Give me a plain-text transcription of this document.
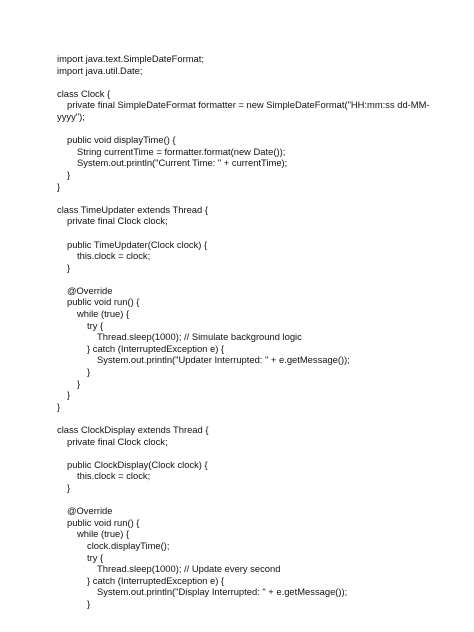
import java.text.SimpleDateFormat;
import java.util.Date;
class Clock {
private final SimpleDateFormat formatter = new SimpleDateFormat("HH:mm:ss dd-MM-
yyyy");
public void displayTime() {
String currentTime = formatter.format(new Date());
System.out.println("Current Time: " + currentTime);
}
}
class TimeUpdater extends Thread {
private final Clock clock;
public TimeUpdater(Clock clock) {
this.clock = clock;
}
@Override
public void run() {
while (true) {
try {
Thread.sleep(1000); // Simulate background logic
} catch (InterruptedException e) {
System.out.println("Updater Interrupted: " + e.getMessage());
}
}
}
}
class ClockDisplay extends Thread {
private final Clock clock;
public ClockDisplay(Clock clock) {
this.clock = clock;
}
@Override
public void run() {
while (true) {
clock.displayTime();
try {
Thread.sleep(1000); // Update every second
} catch (InterruptedException e) {
System.out.println("Display Interrupted: " + e.getMessage());
}
